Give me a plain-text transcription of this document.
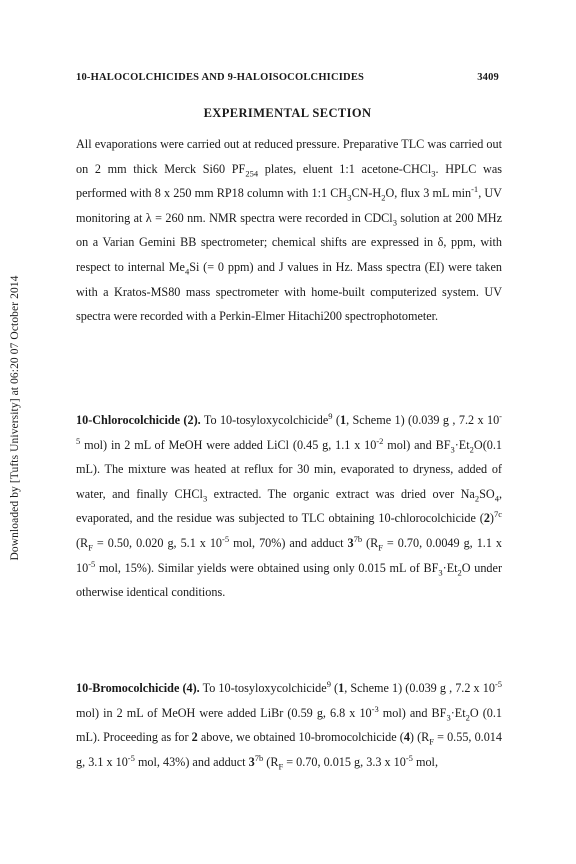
Downloaded by [Tufts University] at 06:20 07 October 2014
10-HALOCOLCHICIDES AND 9-HALOISOCOLCHICIDES	3409
EXPERIMENTAL SECTION
All evaporations were carried out at reduced pressure. Preparative TLC was carried out on 2 mm thick Merck Si60 $PF_{254}$ plates, eluent 1:1 acetone-CHCl$_3$. HPLC was performed with 8 x 250 mm RP18 column with 1:1 $CH_3CN-H_2O$, flux 3 mL $\min^{-1}$, UV monitoring at λ = 260 nm. NMR spectra were recorded in CDCl$_3$ solution at 200 MHz on a Varian Gemini BB spectrometer; chemical shifts are expressed in δ, ppm, with respect to internal $Me_4Si$ (= 0 ppm) and J values in Hz. Mass spectra (EI) were taken with a Kratos-MS80 mass spectrometer with home-built computerized system. UV spectra were recorded with a Perkin-Elmer Hitachi200 spectrophotometer.
10-Chlorocolchicide (2). To 10-tosyloxycolchicide$^9$ (1, Scheme 1) (0.039 g , 7.2 x $10^{-5}$ mol) in 2 mL of MeOH were added LiCl (0.45 g, 1.1 x $10^{-2}$ mol) and $BF_3\cdot Et_2O(0.1$ mL). The mixture was heated at reflux for 30 min, evaporated to dryness, added of water, and finally CHCl$_3$ extracted. The organic extract was dried over $Na_2SO_4$, evaporated, and the residue was subjected to TLC obtaining 10-chlorocolchicide $(2)^{7c}$ ($R_F = 0.50$, 0.020 g, 5.1 x $10^{-5}$ mol, 70%) and adduct $3^{7b}$ ($R_F = 0.70$, 0.0049 g, 1.1 x $10^{-5}$ mol, 15%). Similar yields were obtained using only 0.015 mL of $BF_3\cdot Et_2O$ under otherwise identical conditions.
10-Bromocolchicide (4). To 10-tosyloxycolchicide$^9$ (1, Scheme 1) (0.039 g , 7.2 x $10^{-5}$ mol) in 2 mL of MeOH were added LiBr (0.59 g, 6.8 x $10^{-3}$ mol) and $BF_3\cdot Et_2O$ (0.1 mL). Proceeding as for 2 above, we obtained 10-bromocolchicide (4) ($R_F = 0.55$, 0.014 g, 3.1 x $10^{-5}$ mol, 43%) and adduct $3^{7b}$ ($R_F = 0.70$, 0.015 g, 3.3 x $10^{-5}$ mol,
